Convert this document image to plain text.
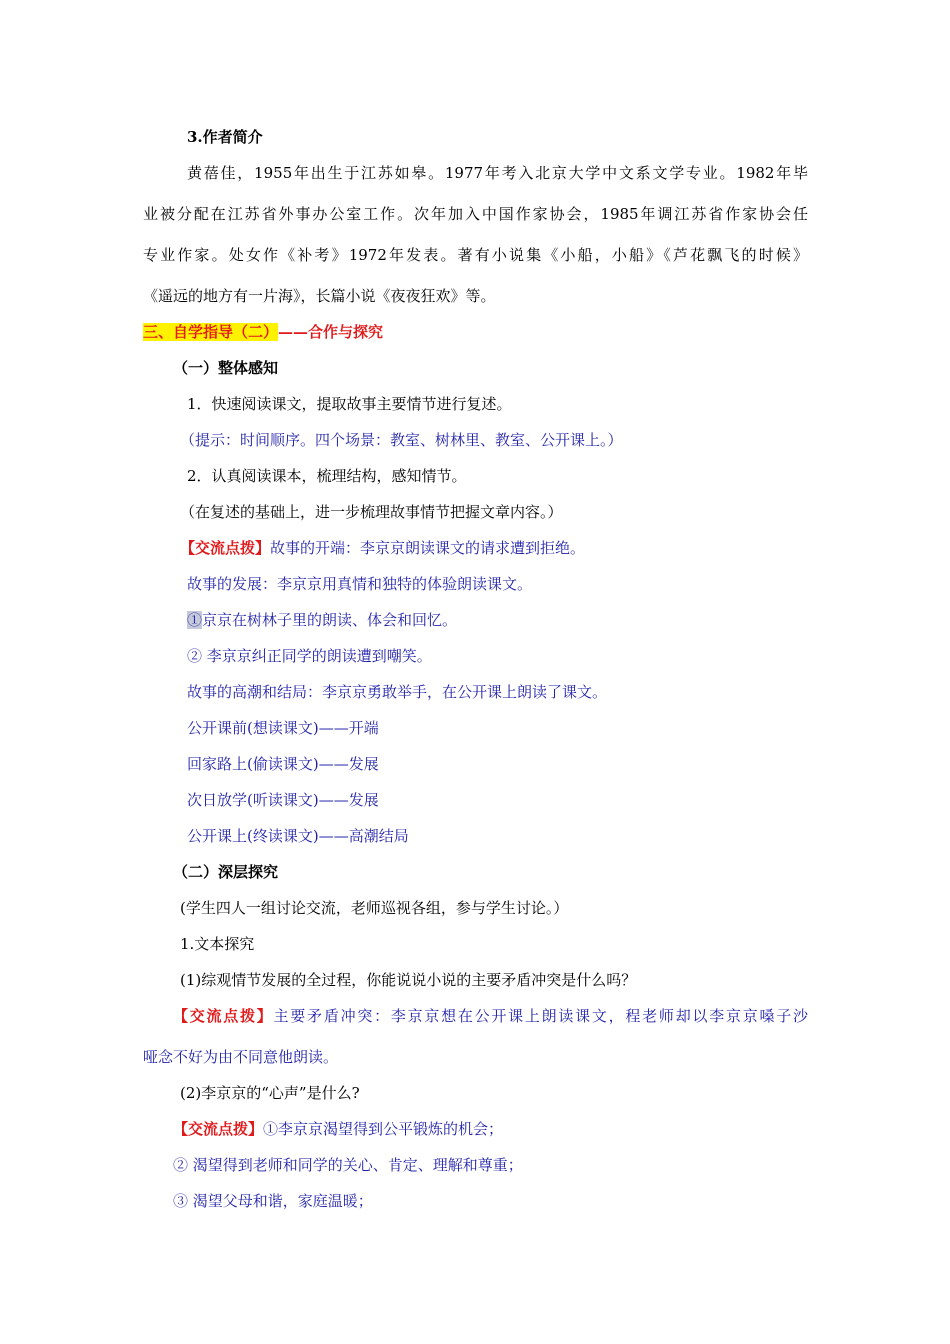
3.作者简介
黄蓓佳，1955年出生于江苏如皋。1977年考入北京大学中文系文学专业。1982年毕
业被分配在江苏省外事办公室工作。次年加入中国作家协会，1985年调江苏省作家协会任
专业作家。处女作《补考》1972年发表。著有小说集《小船，小船》《芦花飘飞的时候》
《遥远的地方有一片海》，长篇小说《夜夜狂欢》等。
三、自学指导（二）——合作与探究
（一）整体感知
1．快速阅读课文，提取故事主要情节进行复述。
（提示：时间顺序。四个场景：教室、树林里、教室、公开课上。）
2．认真阅读课本，梳理结构，感知情节。
（在复述的基础上，进一步梳理故事情节把握文章内容。）
【交流点拨】故事的开端：李京京朗读课文的请求遭到拒绝。
故事的发展：李京京用真情和独特的体验朗读课文。
①京京在树林子里的朗读、体会和回忆。
② 李京京纠正同学的朗读遭到嘲笑。
故事的高潮和结局：李京京勇敢举手，在公开课上朗读了课文。
公开课前(想读课文)——开端
回家路上(偷读课文)——发展
次日放学(听读课文)——发展
公开课上(终读课文)——高潮结局
（二）深层探究
(学生四人一组讨论交流，老师巡视各组，参与学生讨论。）
1.文本探究
(1)综观情节发展的全过程，你能说说小说的主要矛盾冲突是什么吗？
【交流点拨】主要矛盾冲突：李京京想在公开课上朗读课文，程老师却以李京京嗓子沙
哑念不好为由不同意他朗读。
(2)李京京的“心声”是什么?
【交流点拨】①李京京渴望得到公平锻炼的机会；
② 渴望得到老师和同学的关心、肯定、理解和尊重；
③ 渴望父母和谐，家庭温暖；
